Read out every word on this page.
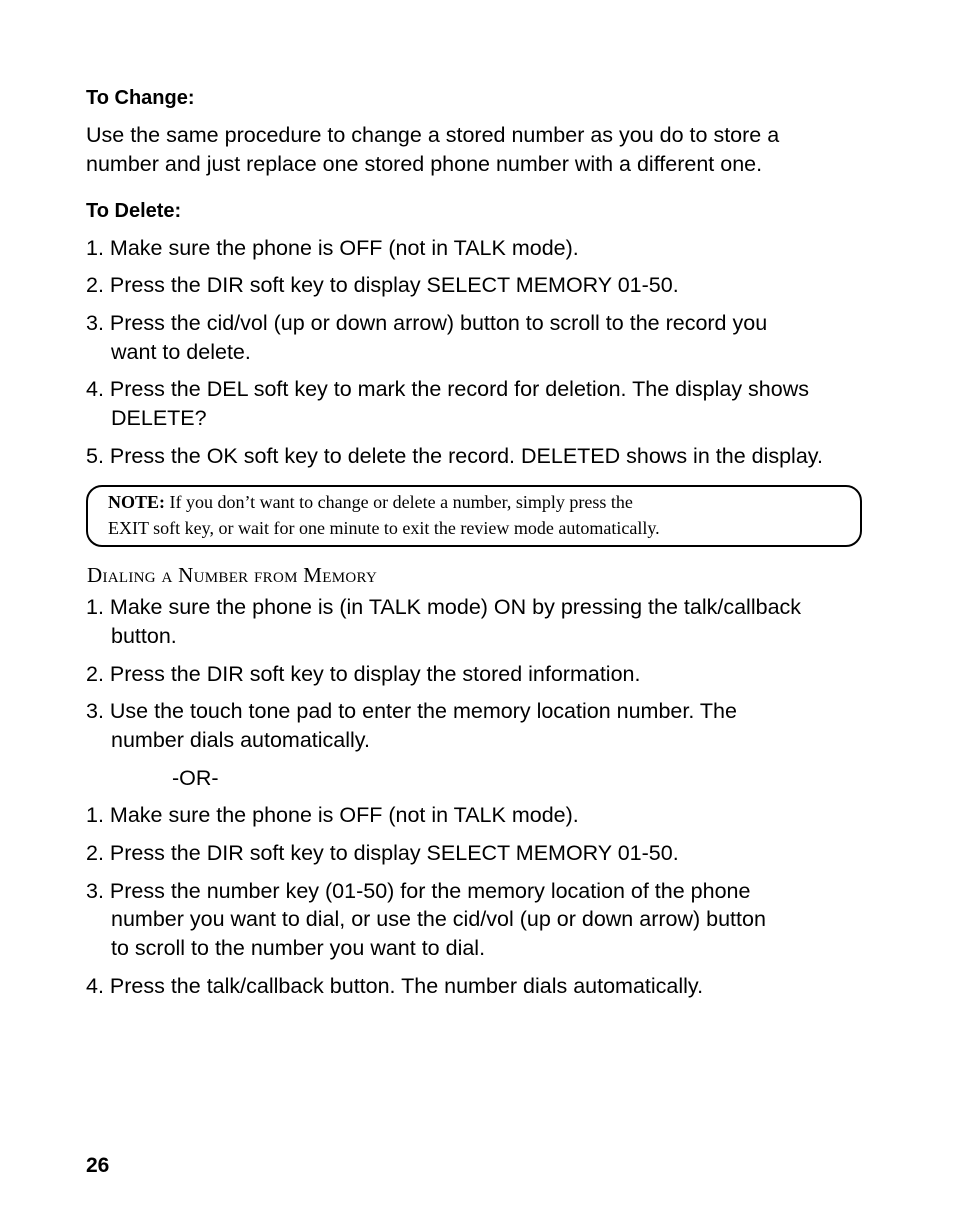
To Change:
Use the same procedure to change a stored number as you do to store a
number and just replace one stored phone number with a different one.
To Delete:
1. Make sure the phone is OFF (not in TALK mode).
2. Press the DIR soft key to display SELECT MEMORY 01-50.
3. Press the cid/vol (up or down arrow) button to scroll to the record you
want to delete.
4. Press the DEL soft key to mark the record for deletion. The display shows
DELETE?
5. Press the OK soft key to delete the record. DELETED shows in the display.
NOTE: If you don’t want to change or delete a number, simply press the
EXIT soft key, or wait for one minute to exit the review mode automatically.
Dialing a Number from Memory
1. Make sure the phone is (in TALK mode) ON by pressing the talk/callback
button.
2. Press the DIR soft key to display the stored information.
3. Use the touch tone pad to enter the memory location number. The
number dials automatically.
-OR-
1. Make sure the phone is OFF (not in TALK mode).
2. Press the DIR soft key to display SELECT MEMORY 01-50.
3. Press the number key (01-50) for the memory location of the phone
number you want to dial, or use the cid/vol (up or down arrow) button
to scroll to the number you want to dial.
4. Press the talk/callback button. The number dials automatically.
26
